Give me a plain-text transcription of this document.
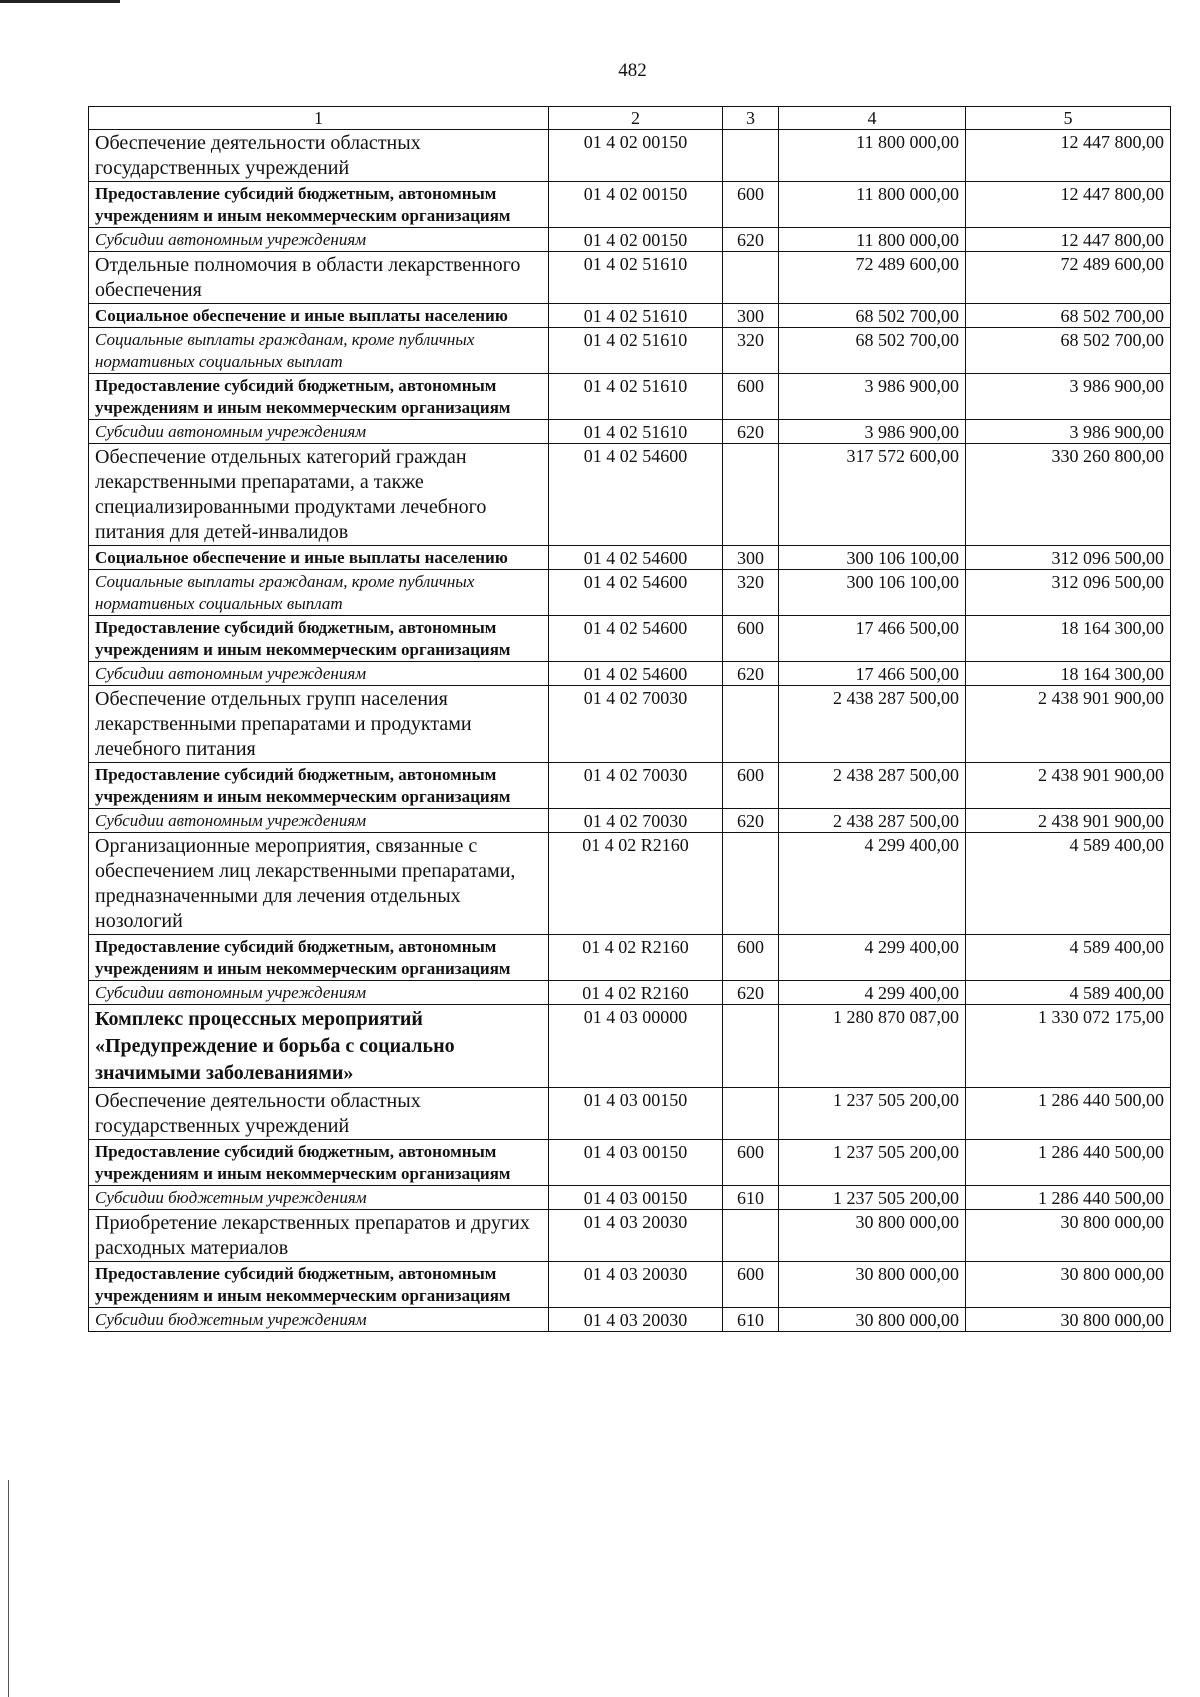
482
1	2	3	4	5
Обеспечение деятельности областных государственных учреждений	01 4 02 00150		11 800 000,00	12 447 800,00
Предоставление субсидий бюджетным, автономным учреждениям и иным некоммерческим организациям	01 4 02 00150	600	11 800 000,00	12 447 800,00
Субсидии автономным учреждениям	01 4 02 00150	620	11 800 000,00	12 447 800,00
Отдельные полномочия в области лекарственного обеспечения	01 4 02 51610		72 489 600,00	72 489 600,00
Социальное обеспечение и иные выплаты населению	01 4 02 51610	300	68 502 700,00	68 502 700,00
Социальные выплаты гражданам, кроме публичных нормативных социальных выплат	01 4 02 51610	320	68 502 700,00	68 502 700,00
Предоставление субсидий бюджетным, автономным учреждениям и иным некоммерческим организациям	01 4 02 51610	600	3 986 900,00	3 986 900,00
Субсидии автономным учреждениям	01 4 02 51610	620	3 986 900,00	3 986 900,00
Обеспечение отдельных категорий граждан лекарственными препаратами, а также специализированными продуктами лечебного питания для детей-инвалидов	01 4 02 54600		317 572 600,00	330 260 800,00
Социальное обеспечение и иные выплаты населению	01 4 02 54600	300	300 106 100,00	312 096 500,00
Социальные выплаты гражданам, кроме публичных нормативных социальных выплат	01 4 02 54600	320	300 106 100,00	312 096 500,00
Предоставление субсидий бюджетным, автономным учреждениям и иным некоммерческим организациям	01 4 02 54600	600	17 466 500,00	18 164 300,00
Субсидии автономным учреждениям	01 4 02 54600	620	17 466 500,00	18 164 300,00
Обеспечение отдельных групп населения лекарственными препаратами и продуктами лечебного питания	01 4 02 70030		2 438 287 500,00	2 438 901 900,00
Предоставление субсидий бюджетным, автономным учреждениям и иным некоммерческим организациям	01 4 02 70030	600	2 438 287 500,00	2 438 901 900,00
Субсидии автономным учреждениям	01 4 02 70030	620	2 438 287 500,00	2 438 901 900,00
Организационные мероприятия, связанные с обеспечением лиц лекарственными препаратами, предназначенными для лечения отдельных нозологий	01 4 02 R2160		4 299 400,00	4 589 400,00
Предоставление субсидий бюджетным, автономным учреждениям и иным некоммерческим организациям	01 4 02 R2160	600	4 299 400,00	4 589 400,00
Субсидии автономным учреждениям	01 4 02 R2160	620	4 299 400,00	4 589 400,00
Комплекс процессных мероприятий «Предупреждение и борьба с социально значимыми заболеваниями»	01 4 03 00000		1 280 870 087,00	1 330 072 175,00
Обеспечение деятельности областных государственных учреждений	01 4 03 00150		1 237 505 200,00	1 286 440 500,00
Предоставление субсидий бюджетным, автономным учреждениям и иным некоммерческим организациям	01 4 03 00150	600	1 237 505 200,00	1 286 440 500,00
Субсидии бюджетным учреждениям	01 4 03 00150	610	1 237 505 200,00	1 286 440 500,00
Приобретение лекарственных препаратов и других расходных материалов	01 4 03 20030		30 800 000,00	30 800 000,00
Предоставление субсидий бюджетным, автономным учреждениям и иным некоммерческим организациям	01 4 03 20030	600	30 800 000,00	30 800 000,00
Субсидии бюджетным учреждениям	01 4 03 20030	610	30 800 000,00	30 800 000,00
